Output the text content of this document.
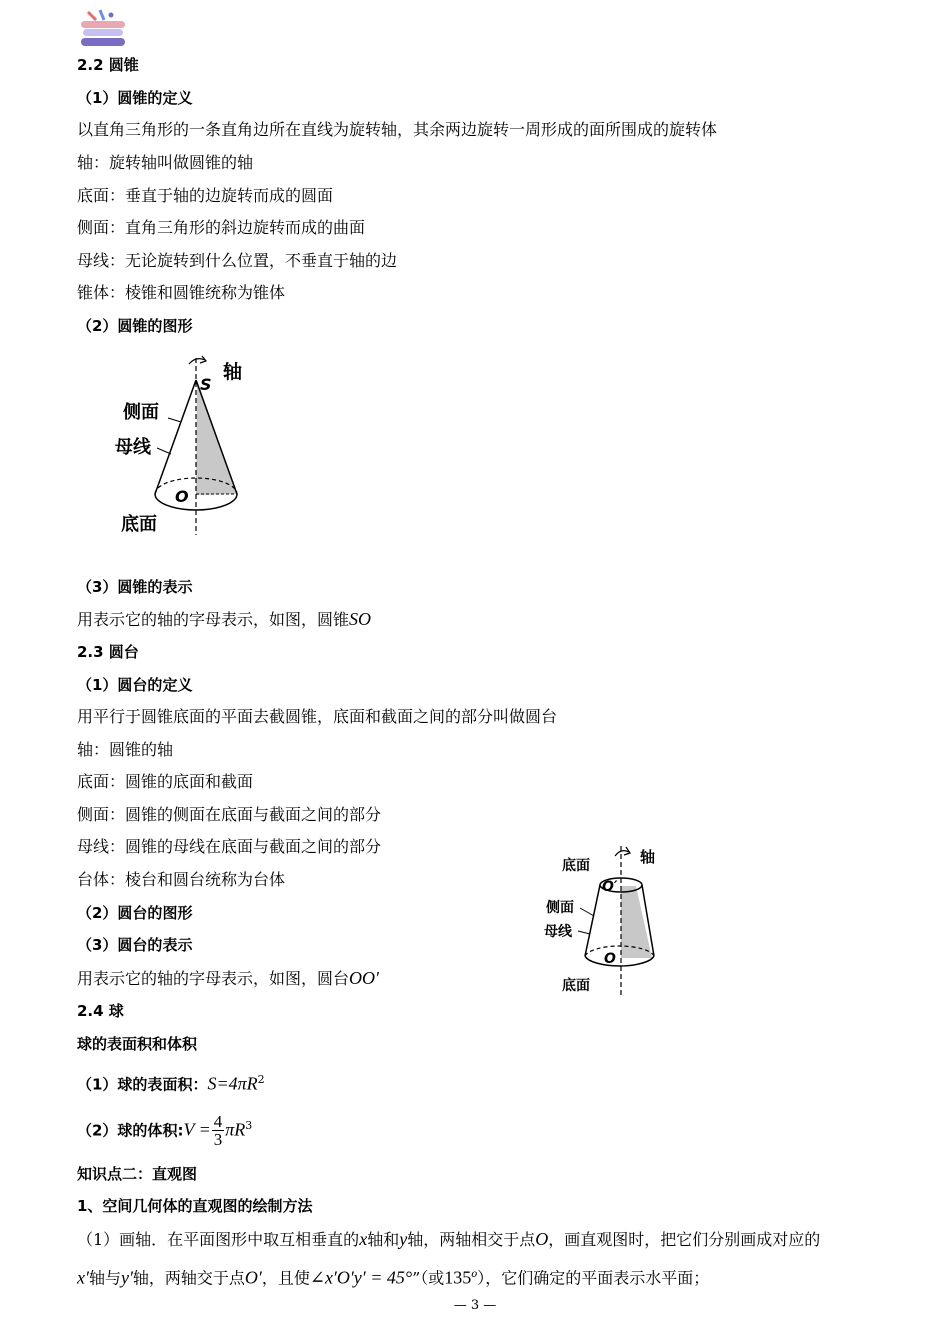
2.2 圆锥
（1）圆锥的定义
以直角三角形的一条直角边所在直线为旋转轴，其余两边旋转一周形成的面所围成的旋转体
轴：旋转轴叫做圆锥的轴
底面：垂直于轴的边旋转而成的圆面
侧面：直角三角形的斜边旋转而成的曲面
母线：无论旋转到什么位置，不垂直于轴的边
锥体：棱锥和圆锥统称为锥体
（2）圆锥的图形
S
轴
侧面
母线
O
底面
（3）圆锥的表示
用表示它的轴的字母表示，如图，圆锥SO
2.3 圆台
（1）圆台的定义
用平行于圆锥底面的平面去截圆锥，底面和截面之间的部分叫做圆台
轴：圆锥的轴
底面：圆锥的底面和截面
侧面：圆锥的侧面在底面与截面之间的部分
母线：圆锥的母线在底面与截面之间的部分
台体：棱台和圆台统称为台体
（2）圆台的图形
（3）圆台的表示
用表示它的轴的字母表示，如图，圆台OO′
底面	轴
O′
侧面
母线
O
底面
2.4 球
球的表面积和体积
（1）球的表面积：$S=4\pi R^2$
（2）球的体积:V = $\frac{4}{3} \pi R^3$
知识点二：直观图
1、空间几何体的直观图的绘制方法
（1）画轴．在平面图形中取互相垂直的x轴和y轴，两轴相交于点O，画直观图时，把它们分别画成对应的
x′轴与y′轴，两轴交于点O′，且使∠x′O′y′ = 45°”（或135$^o$），它们确定的平面表示水平面；
— 3 —
